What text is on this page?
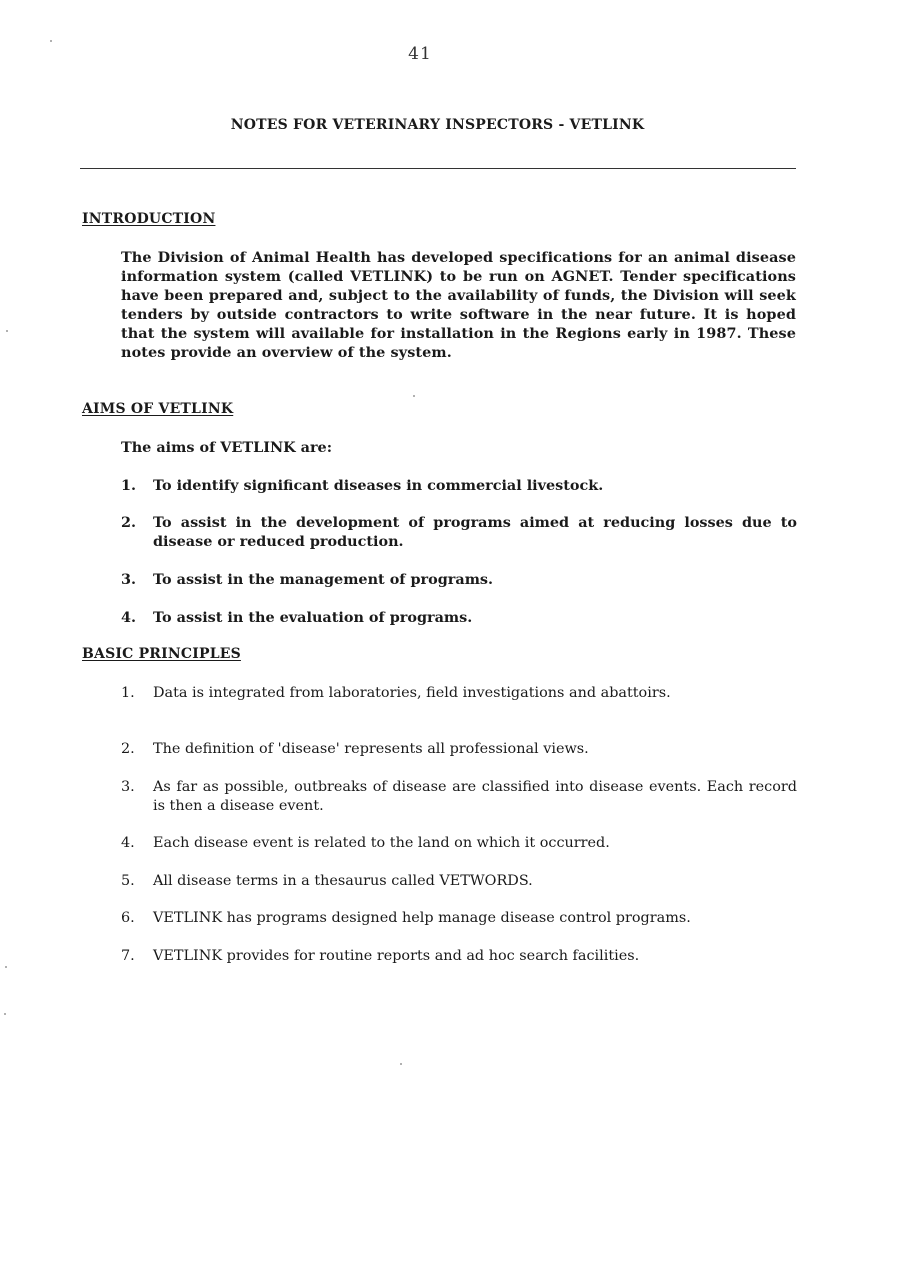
41
NOTES FOR VETERINARY INSPECTORS - VETLINK
INTRODUCTION
The Division of Animal Health has developed specifications for an animal disease information system (called VETLINK) to be run on AGNET. Tender specifications have been prepared and, subject to the availability of funds, the Division will seek tenders by outside contractors to write software in the near future. It is hoped that the system will available for installation in the Regions early in 1987. These notes provide an overview of the system.
AIMS OF VETLINK
The aims of VETLINK are:
1.	To identify significant diseases in commercial livestock.
2.	To assist in the development of programs aimed at reducing losses due to disease or reduced production.
3.	To assist in the management of programs.
4.	To assist in the evaluation of programs.
BASIC PRINCIPLES
1.	Data is integrated from laboratories, field investigations and abattoirs.
2.	The definition of 'disease' represents all professional views.
3.	As far as possible, outbreaks of disease are classified into disease events. Each record is then a disease event.
4.	Each disease event is related to the land on which it occurred.
5.	All disease terms in a thesaurus called VETWORDS.
6.	VETLINK has programs designed help manage disease control programs.
7.	VETLINK provides for routine reports and ad hoc search facilities.
